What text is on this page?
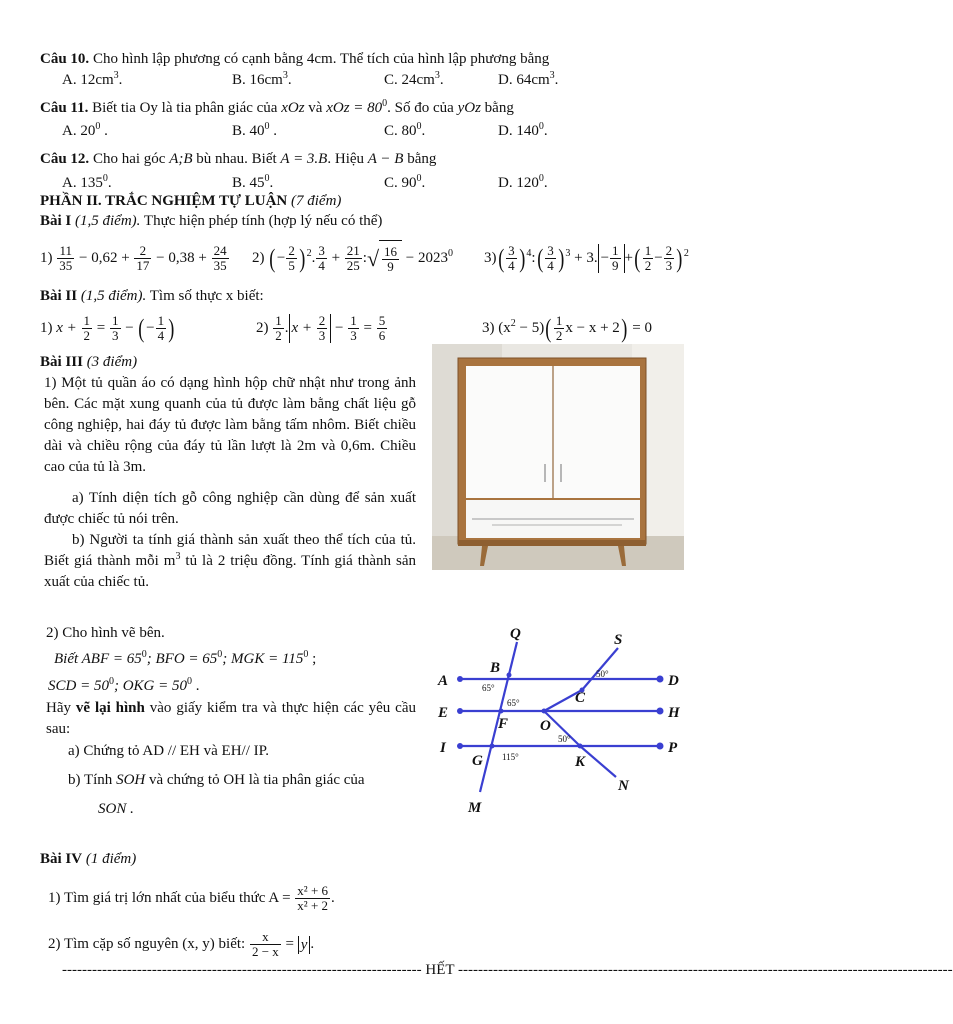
Câu 10. Cho hình lập phương có cạnh bằng 4cm. Thể tích của hình lập phương bằng
A. $12cm^3$.	B. $16cm^3$.	C. $24cm^3$.	D. $64cm^3$.
Câu 11. Biết tia Oy là tia phân giác của xOz và xOz = $80^0$. Số đo của yOz bằng
A. $20^0$ .	B. $40^0$ .	C. $80^0$.	D. $140^0$.
Câu 12. Cho hai góc A;B bù nhau. Biết A = 3.B. Hiệu A − B bằng
A. $135^0$.	B. $45^0$.	C. $90^0$.	D. $120^0$.
PHẦN II. TRẮC NGHIỆM TỰ LUẬN (7 điểm)
Bài I (1,5 điểm). Thực hiện phép tính (hợp lý nếu có thể)
$1) \frac{11}{35} - 0,62 + \frac{2}{17} - 0,38 + \frac{24}{35} 2$) (− $\frac{2}{5} )^2$. $\frac{3}{4} + \frac{21}{25}$ :√ $\frac{16}{9} - 2023^0$ $3)( \frac{3}{4}$ )$^4:( \frac{3}{4} )^3 + 3$. − $\frac{1}{9}$ +( $\frac{1}{2} - \frac{2}{3} )^2$
Bài II (1,5 điểm). Tìm số thực x biết:
1) $x + \frac{1}{2} = \frac{1}{3}$ − (− $\frac{1}{4}$ )	$2) \frac{1}{2}$ . $x + \frac{2}{3} - \frac{1}{3} = \frac{5}{6}$	3) $(x^2 - 5)( \frac{1}{2}$ x − x + 2) = 0
Bài III (3 điểm)
1) Một tủ quần áo có dạng hình hộp chữ nhật như trong ảnh bên. Các mặt xung quanh của tủ được làm bằng chất liệu gỗ công nghiệp, hai đáy tủ được làm bằng tấm nhôm. Biết chiều dài và chiều rộng của đáy tủ lần lượt là 2m và 0,6m. Chiều cao của tủ là 3m.
a) Tính diện tích gỗ công nghiệp cần dùng để sản xuất được chiếc tủ nói trên.
b) Người ta tính giá thành sản xuất theo thể tích của tủ. Biết giá thành mỗi $m^3$ tủ là 2 triệu đồng. Tính giá thành sản xuất của chiếc tủ.
2) Cho hình vẽ bên.
Biết ABF = $65^0$; BFO = $65^0$; MGK = $115^0$ ;
SCD = $50^0$; OKG = $50^0$ .
Hãy vẽ lại hình vào giấy kiểm tra và thực hiện các yêu cầu sau:
a) Chứng tỏ AD // EH và EH// IP.
b) Tính SOH và chứng tỏ OH là tia phân giác của
SON .
Q	S
A
B
C
D
E
F O
H
I
G	K
P
N
M
65°
65°
50°
50°
115°
Bài IV (1 điểm)
1) Tìm giá trị lớn nhất của biểu thức $A = \frac{\text{x² + 6}}{\text{x² + 2}}$ .
2) Tìm cặp số nguyên (x, y) biết: $\frac{x}{2 - x} = y$ .
------------------------------------------------------------------------ HẾT ---------------------------------------------------------------------------------------------------
